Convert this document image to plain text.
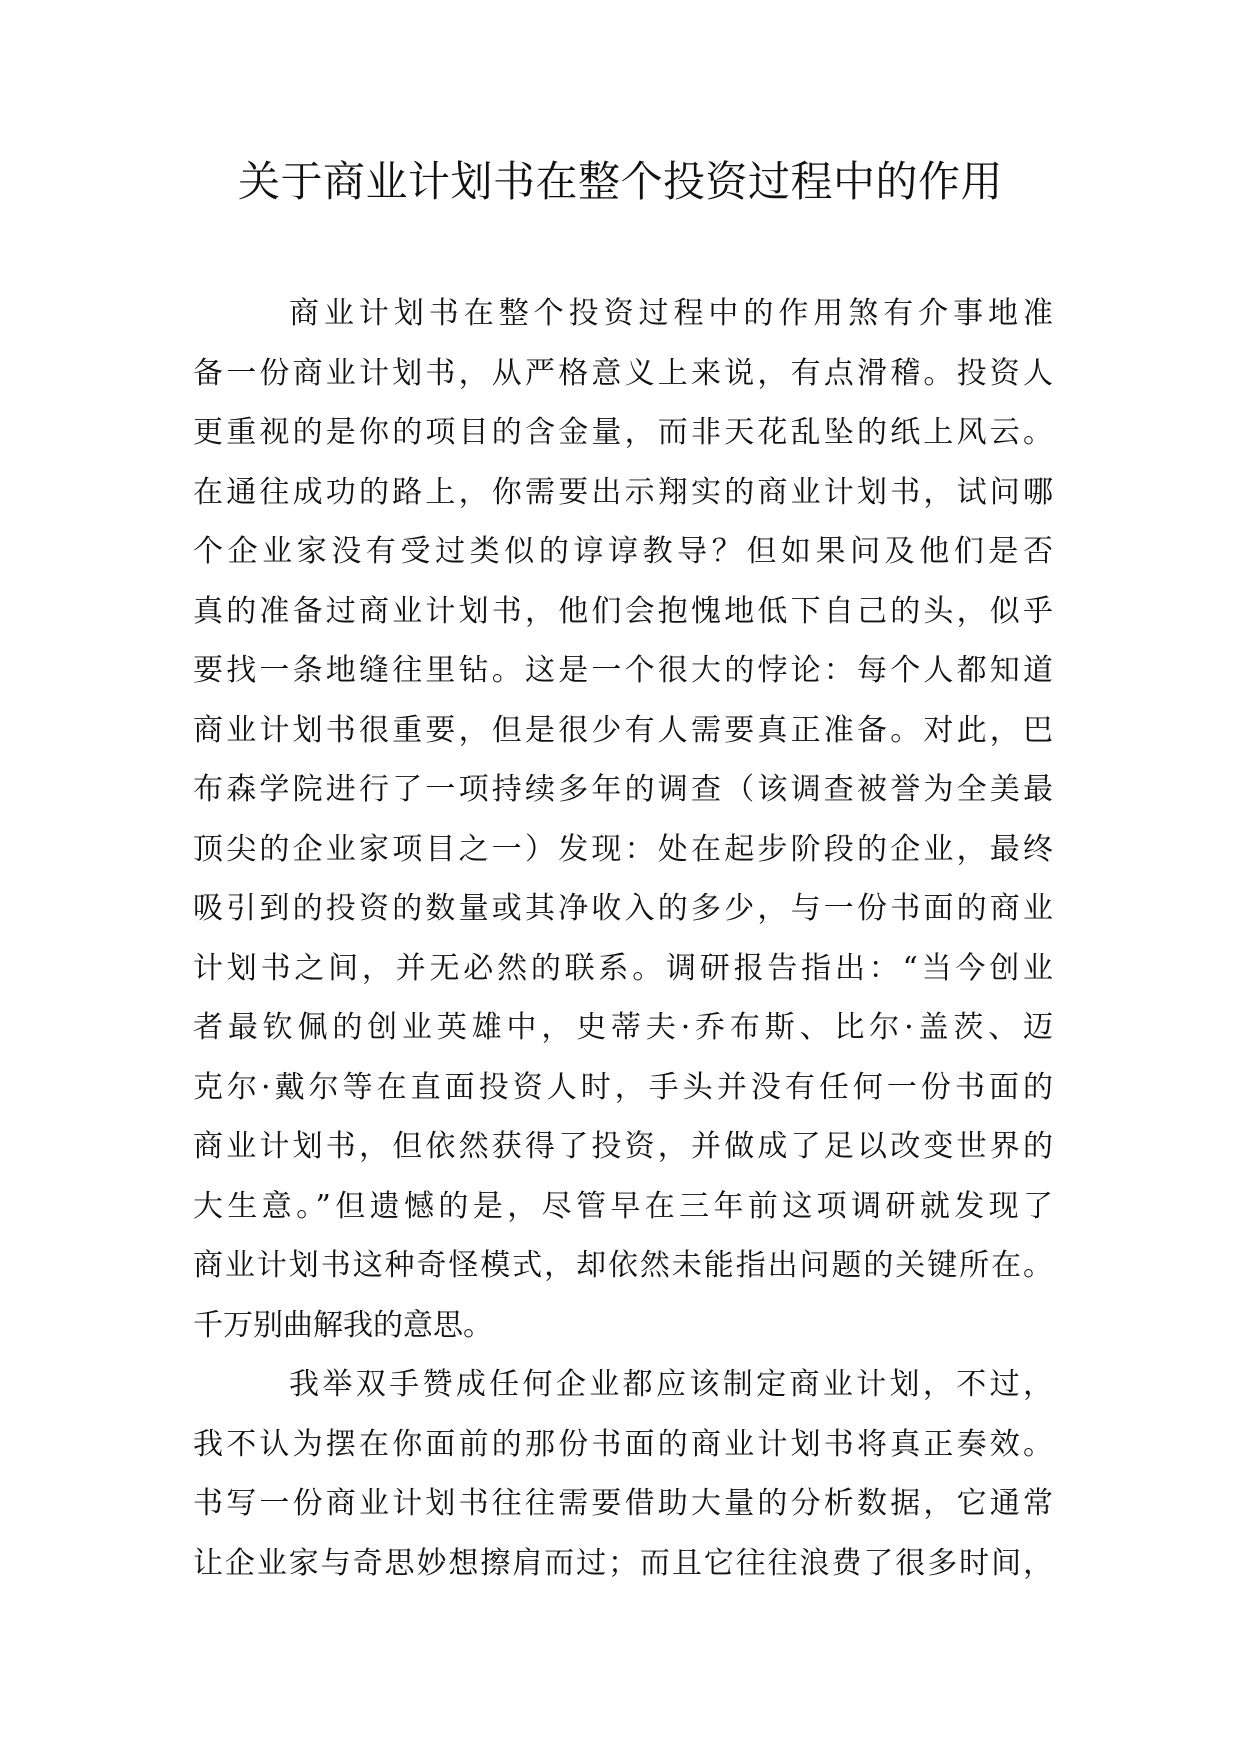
关于商业计划书在整个投资过程中的作用

商业计划书在整个投资过程中的作用煞有介事地准

备一份商业计划书，从严格意义上来说，有点滑稽。投资人

更重视的是你的项目的含金量，而非天花乱坠的纸上风云。

在通往成功的路上，你需要出示翔实的商业计划书，试问哪

个企业家没有受过类似的谆谆教导？但如果问及他们是否

真的准备过商业计划书，他们会抱愧地低下自己的头，似乎

要找一条地缝往里钻。这是一个很大的悖论：每个人都知道

商业计划书很重要，但是很少有人需要真正准备。对此，巴

布森学院进行了一项持续多年的调查（该调查被誉为全美最

顶尖的企业家项目之一）发现：处在起步阶段的企业，最终

吸引到的投资的数量或其净收入的多少，与一份书面的商业

计划书之间，并无必然的联系。调研报告指出：“当今创业

者最钦佩的创业英雄中，史蒂夫·乔布斯、比尔·盖茨、迈

克尔·戴尔等在直面投资人时，手头并没有任何一份书面的

商业计划书，但依然获得了投资，并做成了足以改变世界的

大生意。”但遗憾的是，尽管早在三年前这项调研就发现了

商业计划书这种奇怪模式，却依然未能指出问题的关键所在。

千万别曲解我的意思。

我举双手赞成任何企业都应该制定商业计划，不过，

我不认为摆在你面前的那份书面的商业计划书将真正奏效。

书写一份商业计划书往往需要借助大量的分析数据，它通常

让企业家与奇思妙想擦肩而过；而且它往往浪费了很多时间，
